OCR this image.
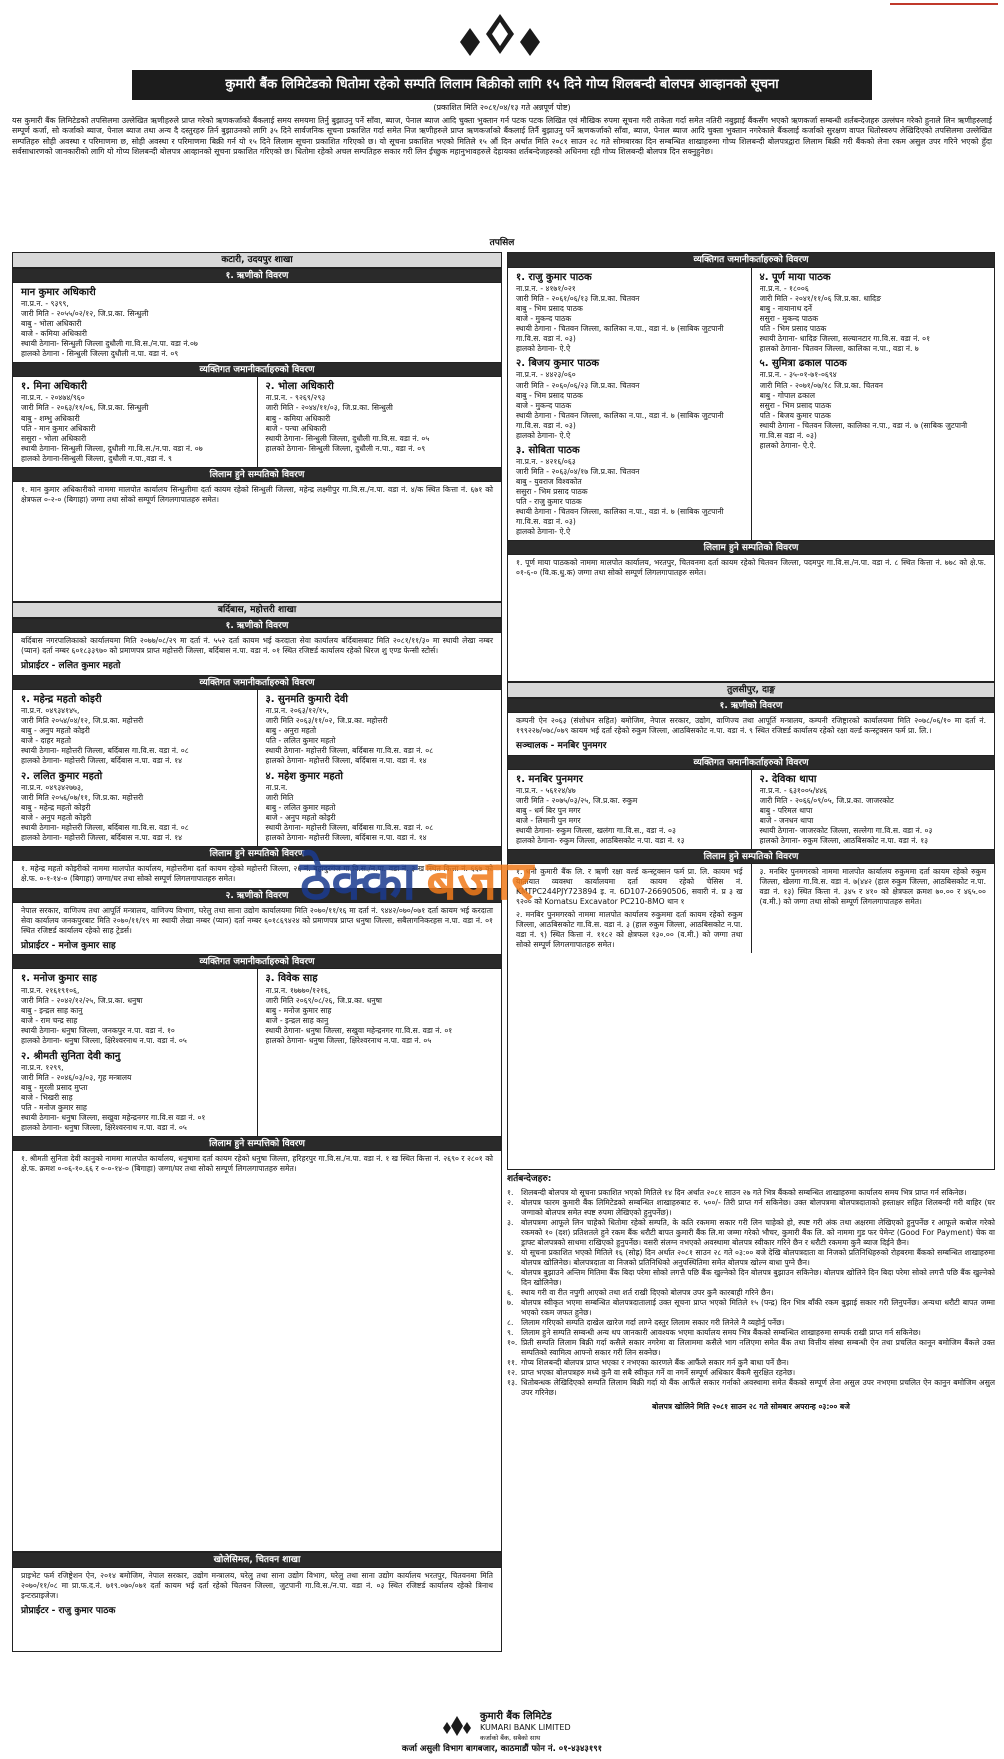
कुमारी बैंक लिमिटेडको धितोमा रहेको सम्पति लिलाम बिक्रीको लागि १५ दिने गोप्य शिलबन्दी बोलपत्र आव्हानको सूचना
(प्रकाशित मिति २०८१/०४/१३ गते अन्नपूर्ण पोष्ट)
यस कुमारी बैंक लिमिटेडको तपसिलमा उल्लेखित ऋणीहरुले प्राप्त गरेको ऋणकर्जाको बैंकलाई समय समयमा तिर्नु बुझाउनु पर्ने साँवा, ब्याज, पेनाल ब्याज आदि चुक्ता भुक्तान गर्न पटक पटक लिखित एवं मौखिक रुपमा सूचना गरी ताकेता गर्दा समेत नतिरी नबुझाई बैंकसँग भएको ऋणकर्जा सम्बन्धी शर्तबन्देजहरु उल्लंघन गरेको हुनाले लिन ऋणीहरुलाई सम्पूर्ण कर्जा, सो कर्जाको ब्याज, पेनाल ब्याज तथा अन्य दै दस्तुरहरु तिर्न बुझाउनको लागि ३५ दिने सार्वजनिक सूचना प्रकाशित गर्दा समेत निज ऋणीहरुले प्राप्त ऋणकर्जाको बैंकलाई तिर्नै बुझाउनु पर्ने ऋणकर्जाको साँवा, ब्याज, पेनाल ब्याज आदि चुक्ता भुक्तान नगरेकाले बैंकलाई कर्जाको सुरक्षण वापत धितोस्वरुप लेखिदिएको तपसिलमा उल्लेखित सम्पतिहरु सोही अवस्था र परिमाणमा छ, सोही अवस्था र परिमाणमा बिक्री गर्न यो १५ दिने लिलाम सूचना प्रकाशित गरिएको छ। यो सूचना प्रकाशित भएको मितिले १५ औं दिन अर्थात मिति २०८१ साउन २८ गते सोमबारका दिन सम्बन्धित शाखाहरुमा गोप्य शिलबन्दी बोलपत्रद्वारा लिलाम बिक्री गरी बैंकको लेना रकम असुल उपर गरिने भएको हुँदा सर्वसाधारणको जानकारीको लागि यो गोप्य शिलबन्दी बोलपत्र आव्हानको सूचना प्रकाशित गरिएको छ। धितोमा रहेको अचल सम्पतिहरु सकार गरी लिन ईच्छुक महानुभावहरुले देहायका शर्तबन्देजहरुको अधिनमा रही गोप्य शिलबन्दी बोलपत्र दिन सक्नुहुनेछ।
तपसिल
कटारी, उदयपुर शाखा
१. ऋणीको विवरण
मान कुमार अधिकारी
ना.प्र.न. - ९३९९,
जारी मिति - २०५५/०२/१२, जि.प्र.का. सिन्धुली
बाबु - भोला अधिकारी
बाजे - कमिया अधिकारी
स्थायी ठेगाना- सिन्धुली जिल्ला दुधौली गा.वि.स./न.पा. वडा नं.०७
हालको ठेगाना - सिन्धुली जिल्ला दुधौली न.पा. वडा नं. ०९
व्यक्तिगत जमानीकर्ताहरुको विवरण
१. मिना अधिकारी
ना.प्र.न. - २०४७४/९६०
जारी मिति - २०६३/११/०६, जि.प्र.का. सिन्धुली
बाबु - शम्भु अधिकारी
पति - मान कुमार अधिकारी
ससुरा - भोला अधिकारी
स्थायी ठेगाना- सिन्धुली जिल्ला, दुधौली गा.वि.स./न.पा. वडा नं. ०७
हालको ठेगाना-सिन्धुली जिल्ला, दुधौली न.पा.,वडा नं. ९
२. भोला अधिकारी
ना.प्र.न. - ९२६९/२९३
जारी मिति - २०४४/११/०३, जि.प्र.का. सिन्धुली
बाबु - कमिया अधिकारी
बाजे - पन्चा अधिकारी
स्थायी ठेगाना- सिन्धुली जिल्ला, दुधौली गा.वि.स. वडा नं. ०५
हालको ठेगाना- सिन्धुली जिल्ला, दुधौली न.पा., वडा नं. ०९
लिलाम हुने सम्पतिको विवरण
१. मान कुमार अधिकारीको नाममा मालपोत कार्यालय सिन्धुलीमा दर्ता कायम रहेको सिन्धुली जिल्ला, महेन्द्र लक्ष्मीपुर गा.वि.स./न.पा. वडा नं. ४/क स्थित कित्ता नं. ६७१ को क्षेत्रफल ०-२-० (बिगाहा) जग्गा तथा सोको सम्पूर्ण लिगलगापातहरु समेत।
बर्दिबास, महोत्तरी शाखा
१. ऋणीको विवरण
बर्दिबास नगरपालिकाको कार्यालयमा मिति २०७७/०८/२९ मा दर्ता नं. ५५२ दर्ता कायम भई करदाता सेवा कार्यालय बर्दिबासबाट मिति २०८१/११/३० मा स्थायी लेखा नम्बर (प्यान) दर्ता नम्बर ६०१८३३९७० को प्रमाणपत्र प्राप्त महोत्तरी जिल्ला, बर्दिबास न.पा. वडा नं. ०१ स्थित रजिष्टर्ड कार्यालय रहेको धिरज शु एण्ड फेन्सी स्टोर्स।
प्रोप्राईटर - ललित कुमार महतो
व्यक्तिगत जमानीकर्ताहरुको विवरण
१. महेन्द्र महतो कोइरी
ना.प्र.न. ०४९३४१४५,
जारी मिति २०५४/०४/१२, जि.प्र.का. महोत्तरी
बाबु - अनुप महतो कोइरी
बाजे - दाहर महतो
स्थायी ठेगाना- महोत्तरी जिल्ला, बर्दिबास गा.वि.स. वडा नं. ०८
हालको ठेगाना- महोत्तरी जिल्ला, बर्दिबास न.पा. वडा नं. १४
२. ललित कुमार महतो
ना.प्र.न. ०४९३४२७७३,
जारी मिति २०५६/०७/११, जि.प्र.का. महोत्तरी
बाबु - महेन्द्र महतो कोइरी
बाजे - अनुप महतो कोइरी
स्थायी ठेगाना- महोत्तरी जिल्ला, बर्दिबास गा.वि.स. वडा नं. ०८
हालको ठेगाना- महोत्तरी जिल्ला, बर्दिबास न.पा. वडा नं. १४
३. सुनमति कुमारी देवी
ना.प्र.न. २०६३/१२/१५,
जारी मिति २०६३/११/०२, जि.प्र.का. महोत्तरी
बाबु - अनुरा महतो
पति - ललित कुमार महतो
स्थायी ठेगाना- महोत्तरी जिल्ला, बर्दिबास गा.वि.स. वडा नं. ०८
हालको ठेगाना- महोत्तरी जिल्ला, बर्दिबास न.पा. वडा नं. १४
४. महेश कुमार महतो
ना.प्र.न.
जारी मिति
बाबु - ललित कुमार महतो
बाजे - अनुप महतो कोइरी
स्थायी ठेगाना- महोत्तरी जिल्ला, बर्दिबास गा.वि.स. वडा नं. ०८
हालको ठेगाना- महोत्तरी जिल्ला, बर्दिबास न.पा. वडा नं. १४
लिलाम हुने सम्पतिको विवरण
१. महेन्द्र महतो कोइरीको नाममा मालपोत कार्यालय, महोत्तरीमा दर्ता कायम रहेको महोत्तरी जिल्ला, २६ नं. बहादुरगंज गा.वि.स./न.पा. वडा नं. ३ ख स्थित कित्ता नं. ६६७ को क्षे.फ. ०-१-१४-० (बिगाहा) जग्गा/घर तथा सोको सम्पूर्ण लिगलगापातहरु समेत।
२. ऋणीको विवरण
नेपाल सरकार, वाणिज्य तथा आपूर्ति मन्त्रालय, वाणिज्य विभाग, घरेलु तथा साना उद्योग कार्यालयमा मिति २०७०/११/१६ मा दर्ता नं. ९४४२/०७०/०७१ दर्ता कायम भई करदाता सेवा कार्यालय जनकपुरबाट मिति २०७०/११/१९ मा स्थायी लेखा नम्बर (प्यान) दर्ता नम्बर ६०१८६९४२४ को प्रमाणपत्र प्राप्त धनुषा जिल्ला, सबैलागनिकरहस न.पा. वडा नं. ०१ स्थित रजिष्टर्ड कार्यालय रहेको साह ट्रेडर्स।
प्रोप्राईटर - मनोज कुमार साह
व्यक्तिगत जमानीकर्ताहरुको विवरण
१. मनोज कुमार साह
ना.प्र.न. २१६१९१०६,
जारी मिति - २०४२/१२/२५, जि.प्र.का. धनुषा
बाबु - इन्द्रल साह कानु
बाजे - राम चन्द्र साह
स्थायी ठेगाना- धनुषा जिल्ला, जनकपुर न.पा. वडा नं. १०
हालको ठेगाना- धनुषा जिल्ला, क्षिरेश्वरनाथ न.पा. वडा नं. ०५
२. श्रीमती सुनिता देवी कानु
ना.प्र.न. १२९९,
जारी मिति - २०४६/०३/०३, गृह मन्त्रालय
बाबु - मुरली प्रसाद मुप्ता
बाजे - भिखरी साह
पति - मनोज कुमार साह
स्थायी ठेगाना- धनुषा जिल्ला, सखुवा महेन्द्रनगर गा.वि.स वडा नं. ०१
हालको ठेगाना- धनुषा जिल्ला, क्षिरेश्वरनाथ न.पा. वडा नं. ०५
३. विवेक साह
ना.प्र.न. १७७७०/१२१६,
जारी मिति २०६९/०८/२६, जि.प्र.का. धनुषा
बाबु - मनोज कुमार साह
बाजे - इन्द्रल साह कानु
स्थायी ठेगाना- धनुषा जिल्ला, सखुवा महेन्द्रनगर गा.वि.स. वडा नं. ०१
हालको ठेगाना- धनुषा जिल्ला, क्षिरेश्वरनाथ न.पा. वडा नं. ०५
लिलाम हुने सम्पत्तिको विवरण
१. श्रीमती सुनिता देवी कानुको नाममा मालपोत कार्यालय, धनुषामा दर्ता कायम रहेको धनुषा जिल्ला, हरिहरपुर गा.वि.स./न.पा. वडा नं. १ ख स्थित कित्ता नं. २६९० र २८०१ को क्षे.फ. क्रमश ०-०६-१०.६६ र ०-०-१४-० (बिगाहा) जग्गा/घर तथा सोको सम्पूर्ण लिगलगापातहरु समेत।
खोलेसिमल, चितवन शाखा
प्राइभेट फर्म रजिष्ट्रेशन ऐन, २०१४ बमोजिम, नेपाल सरकार, उद्योग मन्त्रालय, घरेलु तथा साना उद्योग विभाग, घरेलु तथा साना उद्योग कार्यालय भरतपुर, चितवनमा मिति २०७०/११/०८ मा प्रा.फ.द.नं. ७१९.०७०/०७१ दर्ता कायम भई दर्ता रहेको चितवन जिल्ला, जुटपानी गा.वि.स./न.पा. वडा नं. ०३ स्थित रजिष्टर्ड कार्यालय रहेको त्रिनाथ इन्टरप्राइजेज।
प्रोप्राईटर - राजु कुमार पाठक
व्यक्तिगत जमानीकर्ताहरुको विवरण
१. राजु कुमार पाठक
ना.प्र.न. - ४१७१/०२१
जारी मिति - २०६१/०६/१३ जि.प्र.का. चितवन
बाबु - भिम प्रसाद पाठक
बाजे - मुकन्द पाठक
स्थायी ठेगाना - चितवन जिल्ला, कालिका न.पा., वडा नं. ७ (साबिक जुटपानी गा.वि.स. वडा नं. ०३)
हालको ठेगाना- ऐ.ऐ
२. बिजय कुमार पाठक
ना.प्र.न. - ४४२३/०६०
जारी मिति - २०६०/०६/२३ जि.प्र.का. चितवन
बाबु - भिम प्रसाद पाठक
बाजे - मुकन्द पाठक
स्थायी ठेगाना - चितवन जिल्ला, कालिका न.पा., वडा नं. ७ (साबिक जुटपानी गा.वि.स. वडा नं. ०३)
हालको ठेगाना- ऐ.ऐ
३. सोबिता पाठक
ना.प्र.न. - ४२१६/०६३
जारी मिति - २०६३/०४/१७ जि.प्र.का. चितवन
बाबु - युवराज विश्वकोत
ससुरा - भिम प्रसाद पाठक
पति - राजु कुमार पाठक
स्थायी ठेगाना - चितवन जिल्ला, कालिका न.पा., वडा नं. ७ (साबिक जुटपानी गा.वि.स. वडा नं. ०३)
हालको ठेगाना- ऐ.ऐ
४. पूर्ण माया पाठक
ना.प्र.न. - १८००६
जारी मिति - २०४१/११/०६ जि.प्र.का. धादिङ
बाबु - नायानाथ दर्ने
ससुरा - मुकन्द पाठक
पति - भिम प्रसाद पाठक
स्थायी ठेगाना- धादिङ जिल्ला, सल्यानटार गा.वि.स. वडा नं. ०१
हालको ठेगाना- चितवन जिल्ला, कालिका न.पा., वडा नं. ७
५. सुमित्रा ढकाल पाठक
ना.प्र.न. - ३५-०१-७१-०६९४
जारी मिति - २०७१/०७/१८ जि.प्र.का. चितवन
बाबु - गोपाल ढकाल
ससुरा - भिम प्रसाद पाठक
पति - बिजय कुमार पाठक
स्थायी ठेगाना - चितवन जिल्ला, कालिका न.पा., वडा नं. ७ (साबिक जुटपानी गा.वि.स वडा नं. ०३)
हालको ठेगाना- ऐ.ऐ.
लिलाम हुने सम्पतिको विवरण
१. पूर्ण माया पाठकको नाममा मालपोत कार्यालय, भरतपुर, चितवनमा दर्ता कायम रहेको चितवन जिल्ला, पदमपुर गा.वि.स./न.पा. वडा नं. ८ स्थित कित्ता नं. ७७८ को क्षे.फ. ०१-६-० (वि.क.धु.क) जग्गा तथा सोको सम्पूर्ण लिगलगापातहरु समेत।
तुलसीपुर, दाङ्ग
१. ऋणीको विवरण
कम्पनी ऐन २०६३ (संशोधन सहित) बमोजिम, नेपाल सरकार, उद्योग, वाणिज्य तथा आपूर्ति मन्त्रालय, कम्पनी रजिष्ट्रारको कार्यालयमा मिति २०७८/०६/१० मा दर्ता नं. १९९२२७/०७८/०७९ कायम भई दर्ता रहेको रुकुम जिल्ला, आठबिसकोट न.पा. वडा नं. ९ स्थित रजिष्टर्ड कार्यालय रहेको रक्षा वर्ल्ड कन्स्ट्रक्सन फर्म प्रा. लि.।
सञ्चालक - मनबिर पुनमगर
व्यक्तिगत जमानीकर्ताहरुको विवरण
१. मनबिर पुनमगर
ना.प्र.न. - ५६१२४/४७
जारी मिति - २०७५/०३/२५, जि.प्र.का. रुकुम
बाबु - धर्म बिर पुन मगर
बाजे - लिमानी पुन मगर
स्थायी ठेगाना- रुकुम जिल्ला, खलंगा गा.वि.स., वडा नं. ०३
हालको ठेगाना- रुकुम जिल्ला, आठबिसकोट न.पा. वडा नं. १३
२. देविका थापा
ना.प्र.न. - ६३१००५/४४६
जारी मिति - २०६६/०९/०५, जि.प्र.का. जाजरकोट
बाबु - परिमल थापा
बाजे - जनधन थापा
स्थायी ठेगाना- जाजरकोट जिल्ला, सल्लेगा गा.वि.स. वडा नं. ०३
हालको ठेगाना- रुकुम जिल्ला, आठबिसकोट न.पा. वडा नं. १३
लिलाम हुने सम्पतिको विवरण
१. धनी कुमारी बैंक लि. र ऋणी रक्षा वर्ल्ड कन्स्ट्रक्सन फर्म प्रा. लि. कायम भई यातायात व्यवस्था कार्यालयमा दर्ता कायम रहेको चेसिस नं. KMTPC244PJY723894 इ. न. 6D107-26690506, सवारी नं. प्र ३ ख ९२०० को Komatsu Excavator PC210-8MO थान १
२. मनबिर पुनमगरको नाममा मालपोत कार्यालय रुकुममा दर्ता कायम रहेको रुकुम जिल्ला, आठबिसकोट गा.वि.स. वडा नं. ३ (हाल रुकुम जिल्ला, आठबिसकोट न.पा. वडा नं. ९) स्थित कित्ता नं. ११८२ को क्षेत्रफल १३०.०० (व.मी.) को जग्गा तथा सोको सम्पूर्ण लिगलगापातहरु समेत।
३. मनबिर पुनमगरको नाममा मालपोत कार्यालय रुकुममा दर्ता कायम रहेको रुकुम जिल्ला, खेलगा गा.वि.स. वडा नं. ७(४४२ (हाल रुकुम जिल्ला, आठबिसकोट न.पा. वडा नं. १३) स्थित कित्ता नं. ३४५ र ४१० को क्षेत्रफल क्रमश ७०.०० र ४६५.०० (व.मी.) को जग्गा तथा सोको सम्पूर्ण लिगलगापातहरु समेत।
शर्तबन्देजहरु:
१.	शिलबन्दी बोलपत्र यो सूचना प्रकाशित भएको मितिले १४ दिन अर्थात २०८१ साउन २७ गते भित्र बैंकको सम्बन्धित शाखाहरुमा कार्यालय समय भित्र प्राप्त गर्न सकिनेछ।
२.	बोलपत्र फारम कुमारी बैंक लिमिटेडको सम्बन्धित शाखाहरुबाट रु. ५००/- तिरी प्राप्त गर्न सकिनेछ। उक्त बोलपत्रमा बोलपत्रदाताको हस्ताक्षर सहित शिलबन्दी गरी बाहिर (घर जग्गाको बोलपत्र समेत स्पष्ट रुपमा लेखिएको हुनुपर्नेछ)।
३.	बोलपत्रमा आफूले लिन चाहेको धितोमा रहेको सम्पति, के कति रकममा सकार गरी लिन चाहेको हो, स्पष्ट गरी अंक तथा अक्षरमा लेखिएको हुनुपर्नेछ र आफूले कबोल गरेको रकमको १० (दश) प्रतिशतले हुने रकम बैंक धरौटी बापत कुमारी बैंक लि.मा जम्मा गरेको भौचर, कुमारी बैंक लि. को नाममा गुड फर पेमेन्ट (Good For Payment) चेक वा ड्राफ्ट बोलपत्रको साथमा राखिएको हुनुपर्नेछ। यसरी संलग्न नभएको अवस्थामा बोलपत्र स्वीकार गरिने छैन र धरौटी रकममा कुनै ब्याज दिईने छैन।
४.	यो सूचना प्रकाशित भएको मितिले १६ (सोह्र) दिन अर्थात २०८१ साउन २८ गते ०३:०० बजे देखि बोलपत्रदाता वा निजको प्रतिनिधिहरुको रोहबरमा बैंकको सम्बन्धित शाखाहरुमा बोलपत्र खोलिनेछ। बोलपत्रदाता वा निजको प्रतिनिधिको अनुपस्थितिमा समेत बोलपत्र खोल्न बाधा पुग्ने छैन।
५.	बोलपत्र बुझाउने अन्तिम मितिमा बैंक बिदा परेमा सोको लगत्तै पछि बैंक खुल्नेको दिन बोलपत्र बुझाउन सकिनेछ। बोलपत्र खोलिने दिन बिदा परेमा सोको लगत्तै पछि बैंक खुल्नेको दिन खोलिनेछ।
६.	स्थाय गरी वा रीत नपुगी आएको तथा शर्त राखी दिएको बोलपत्र उपर कुनै कारबाही गरिने छैन।
७.	बोलपत्र स्वीकृत भएमा सम्बन्धित बोलपत्रदातालाई उक्त सूचना प्राप्त भएको मितिले १५ (पन्द्र) दिन भित्र बाँकी रकम बुझाई सकार गरी लिनुपर्नेछ। अन्यथा धरौटी बापत जम्मा भएको रकम जफत हुनेछ।
८.	लिलाम गरिएको सम्पति दाखेल खारेज गर्दा लाग्ने दस्तुर लिलाम सकार गरी लिनेले नै व्यहोर्नु पर्नेछ।
९.	लिलाम हुने सम्पति सम्बन्धी अन्य थप जानकारी आवश्यक भएमा कार्यालय समय भित्र बैंकको सम्बन्धित शाखाहरुमा सम्पर्क राखी प्राप्त गर्न सकिनेछ।
१०. प्रिती सम्पति लिलाम बिक्री गर्दा कसैले सकार नगरेमा वा लिलाममा कसैले भाग नलिएमा समेत बैंक तथा वित्तीय संस्था सम्बन्धी ऐन तथा प्रचलित कानून बमोजिम बैंकले उक्त सम्पतिको स्वामित्व आफ्नो सकार गरी लिन सक्नेछ।
११. गोप्य शिलबन्दी बोलपत्र प्राप्त भएका र नभएका कारणले बैंक आफैंले सकार गर्न कुनै बाधा पर्ने छैन।
१२. प्राप्त भएका बोलपत्रहरु मध्ये कुनै वा सबै स्वीकृत गर्ने वा नगर्ने सम्पूर्ण अधिकार बैंकमै सुरक्षित रहनेछ।
१३. धितोबन्धक लेखिदिएको सम्पति लिलाम बिक्री गर्दा यो बैंक आफैंले सकार गर्नाको अवस्थामा समेत बैंकको सम्पूर्ण लेना असुल उपर नभएमा प्रचलित ऐन कानुन बमोजिम असुल उपर गरिनेछ।
बोलपत्र खोलिने मिति २०८१ साउन २८ गते सोमबार अपरान्ह ०३:०० बजे
ठेक्का बजार
कुमारी बैंक लिमिटेड
KUMARI BANK LIMITED
कर्जाको बैंक, सबैको साथ
कर्जा असुली विभाग बागबजार, काठमाडौं फोन नं. ०१-४३४३१९१
